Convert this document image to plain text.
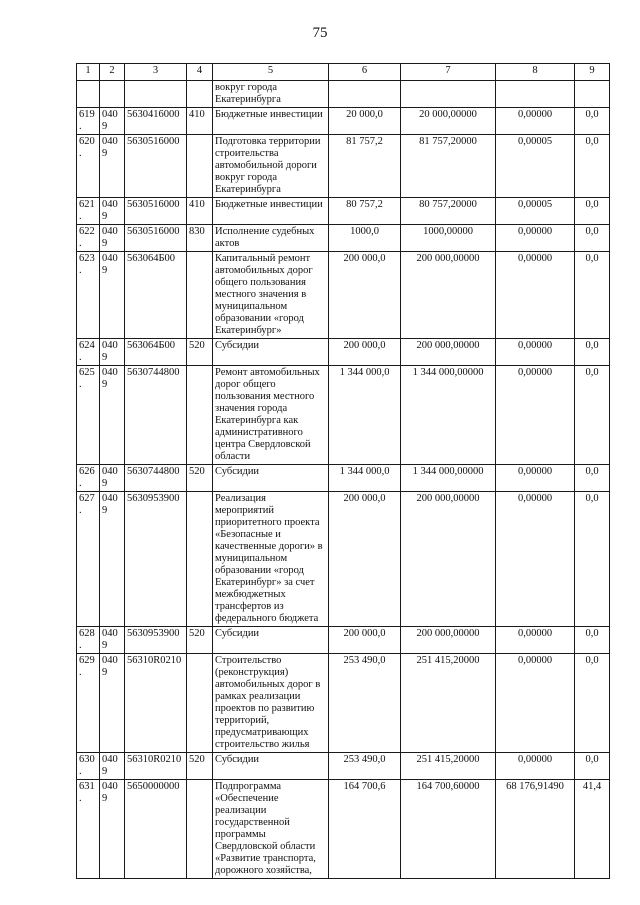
75
1	2	3	4	5	6	7	8	9
				вокруг города Екатеринбурга				
619.	0409	5630416000	410	Бюджетные инвестиции	20 000,0	20 000,00000	0,00000	0,0
620.	0409	5630516000		Подготовка территории строительства автомобильной дороги вокруг города Екатеринбурга	81 757,2	81 757,20000	0,00005	0,0
621.	0409	5630516000	410	Бюджетные инвестиции	80 757,2	80 757,20000	0,00005	0,0
622.	0409	5630516000	830	Исполнение судебных актов	1000,0	1000,00000	0,00000	0,0
623.	0409	563064Б00		Капитальный ремонт автомобильных дорог общего пользования местного значения в муниципальном образовании «город Екатеринбург»	200 000,0	200 000,00000	0,00000	0,0
624.	0409	563064Б00	520	Субсидии	200 000,0	200 000,00000	0,00000	0,0
625.	0409	5630744800		Ремонт автомобильных дорог общего пользования местного значения города Екатеринбурга как административного центра Свердловской области	1 344 000,0	1 344 000,00000	0,00000	0,0
626.	0409	5630744800	520	Субсидии	1 344 000,0	1 344 000,00000	0,00000	0,0
627.	0409	5630953900		Реализация мероприятий приоритетного проекта «Безопасные и качественные дороги» в муниципальном образовании «город Екатеринбург» за счет межбюджетных трансфертов из федерального бюджета	200 000,0	200 000,00000	0,00000	0,0
628.	0409	5630953900	520	Субсидии	200 000,0	200 000,00000	0,00000	0,0
629.	0409	56310R0210		Строительство (реконструкция) автомобильных дорог в рамках реализации проектов по развитию территорий, предусматривающих строительство жилья	253 490,0	251 415,20000	0,00000	0,0
630.	0409	56310R0210	520	Субсидии	253 490,0	251 415,20000	0,00000	0,0
631.	0409	5650000000		Подпрограмма «Обеспечение реализации государственной программы Свердловской области «Развитие транспорта, дорожного хозяйства,	164 700,6	164 700,60000	68 176,91490	41,4
